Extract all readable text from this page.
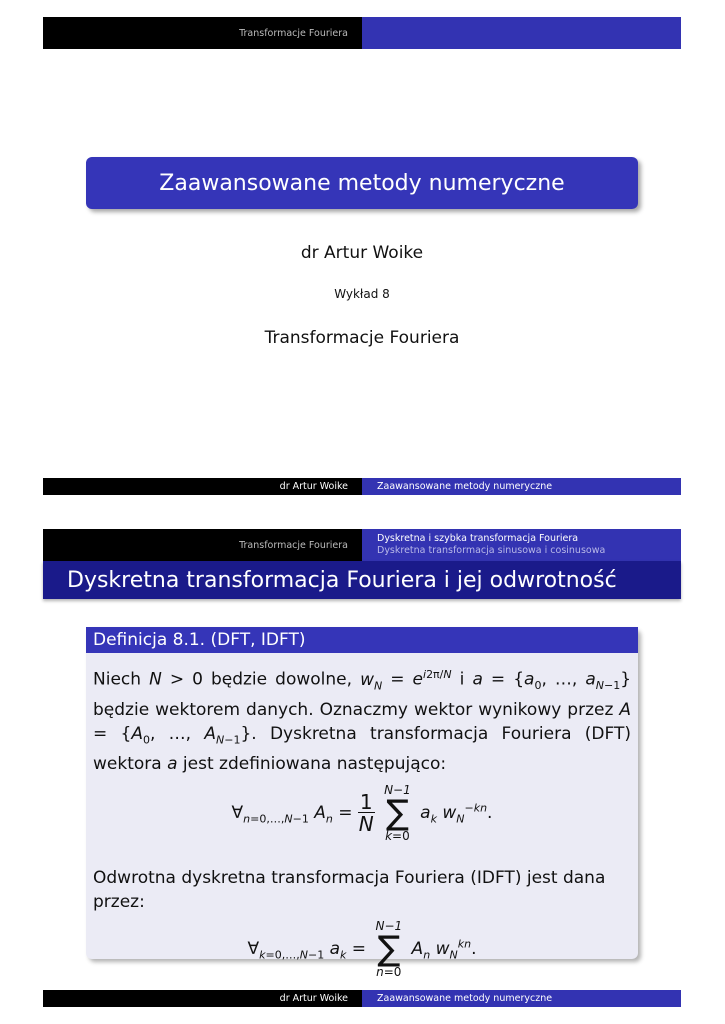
Transformacje Fouriera
Zaawansowane metody numeryczne
dr Artur Woike
Wykład 8
Transformacje Fouriera
dr Artur Woike	Zaawansowane metody numeryczne
Transformacje Fouriera
Dyskretna i szybka transformacja Fouriera
Dyskretna transformacja sinusowa i cosinusowa
Dyskretna transformacja Fouriera i jej odwrotność
Definicja 8.1. (DFT, IDFT)
Niech N > 0 będzie dowolne, $w_N = e^{i2\pi/N}$ i $a = \{a_0$, …, $a_{N-1}$} będzie wektorem danych. Oznaczmy wektor wynikowy przez $A = \{A_0$, …, $A_{N-1}$}. Dyskretna transformacja Fouriera (DFT) wektora a jest zdefiniowana następująco:
$\forall_{n=0,\dots,N-1}$ $A_n = \frac{1}{N}$

N−1
∑
k=0
$a_k$ $w_N^{-kn}$.
Odwrotna dyskretna transformacja Fouriera (IDFT) jest dana przez:
$\forall_{k=0,\dots,N-1}$ $a_k$ =
N−1
∑
n=0
$A_n$ $w_N^{kn}$.
dr Artur Woike	Zaawansowane metody numeryczne
